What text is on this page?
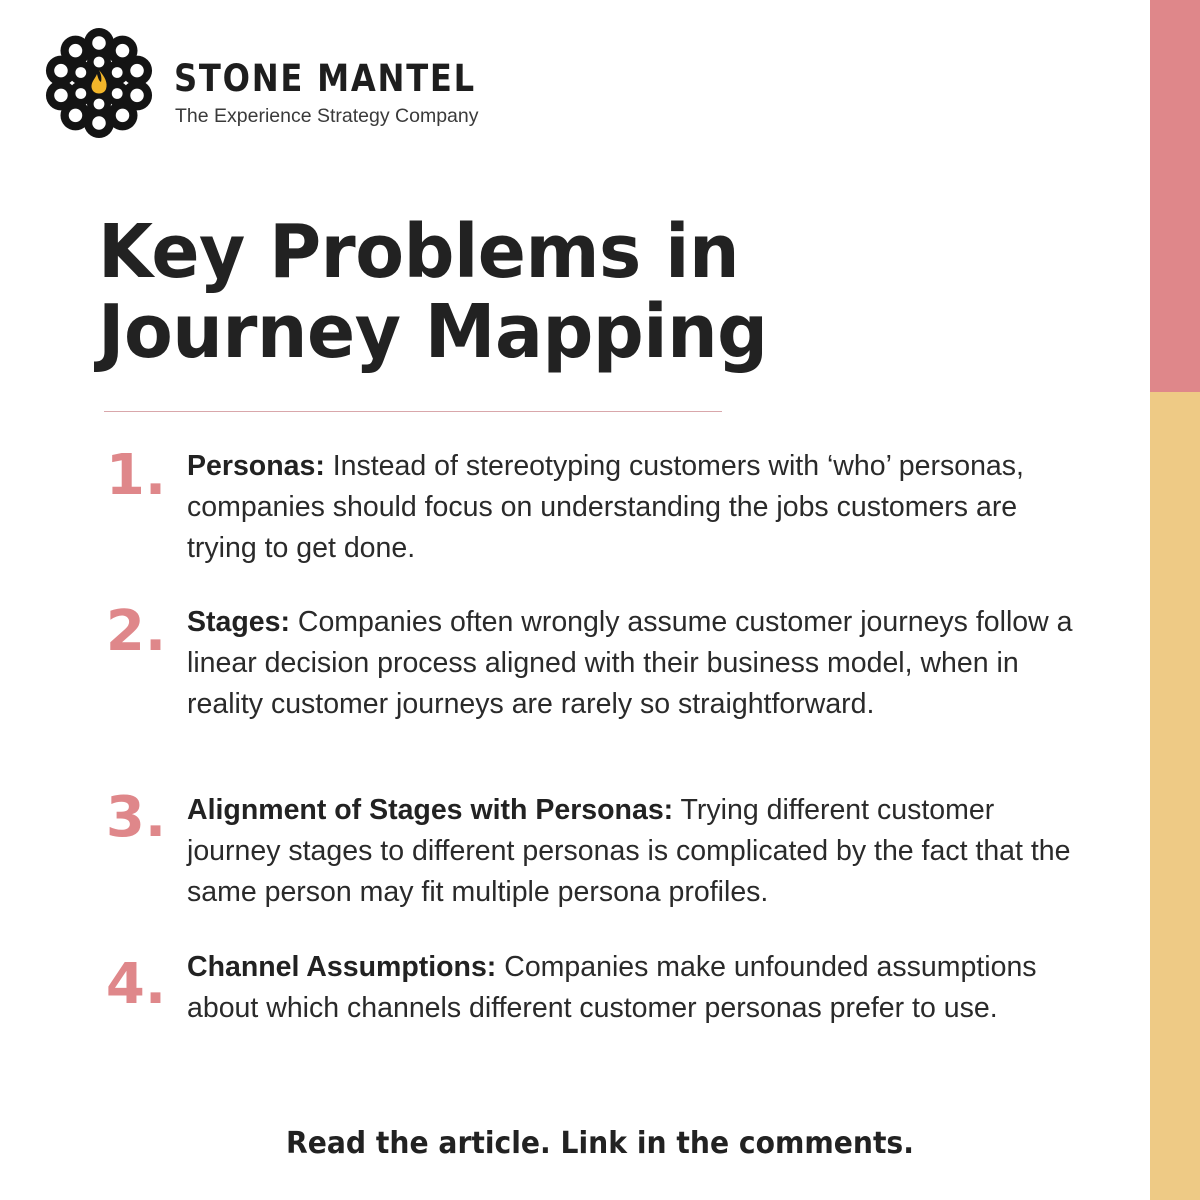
STONE MANTEL

The Experience Strategy Company

Key Problems in
Journey Mapping
1. Personas: Instead of stereotyping customers with ‘who’ personas, companies should focus on understanding the jobs customers are trying to get done.

2. Stages: Companies often wrongly assume customer journeys follow a linear decision process aligned with their business model, when in reality customer journeys are rarely so straightforward.

3. Alignment of Stages with Personas: Trying different customer journey stages to different personas is complicated by the fact that the same person may fit multiple persona profiles.

4. Channel Assumptions: Companies make unfounded assumptions about which channels different customer personas prefer to use.

Read the article. Link in the comments.
